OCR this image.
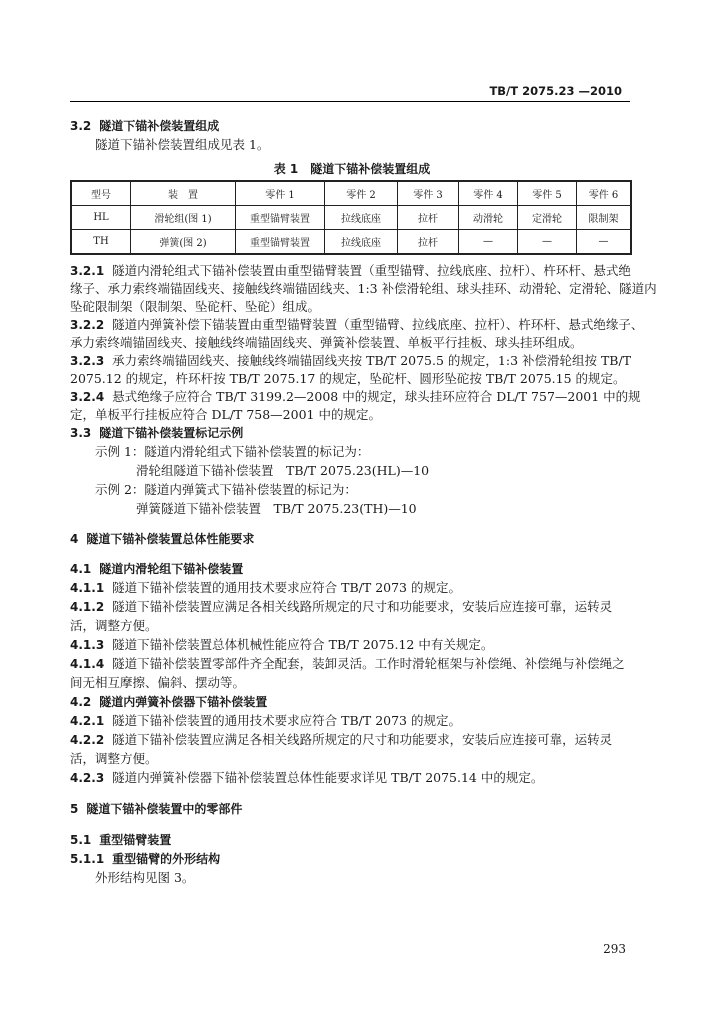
TB/T 2075.23 —2010
3.2 隧道下锚补偿装置组成
隧道下锚补偿装置组成见表 1。
表 1　隧道下锚补偿装置组成
型号	装　置	零件 1	零件 2	零件 3	零件 4	零件 5	零件 6
HL	滑轮组(图 1)	重型锚臂装置	拉线底座	拉杆	动滑轮	定滑轮	限制架
TH	弹簧(图 2)	重型锚臂装置	拉线底座	拉杆	—	—	—
3.2.1 隧道内滑轮组式下锚补偿装置由重型锚臂装置（重型锚臂、拉线底座、拉杆）、杵环杆、悬式绝
缘子、承力索终端锚固线夹、接触线终端锚固线夹、1:3 补偿滑轮组、球头挂环、动滑轮、定滑轮、隧道内
坠砣限制架（限制架、坠砣杆、坠砣）组成。
3.2.2 隧道内弹簧补偿下锚装置由重型锚臂装置（重型锚臂、拉线底座、拉杆）、杵环杆、悬式绝缘子、
承力索终端锚固线夹、接触线终端锚固线夹、弹簧补偿装置、单板平行挂板、球头挂环组成。
3.2.3 承力索终端锚固线夹、接触线终端锚固线夹按 TB/T 2075.5 的规定，1:3 补偿滑轮组按 TB/T
2075.12 的规定，杵环杆按 TB/T 2075.17 的规定，坠砣杆、圆形坠砣按 TB/T 2075.15 的规定。
3.2.4 悬式绝缘子应符合 TB/T 3199.2—2008 中的规定，球头挂环应符合 DL/T 757—2001 中的规
定，单板平行挂板应符合 DL/T 758—2001 中的规定。
3.3 隧道下锚补偿装置标记示例
示例 1：隧道内滑轮组式下锚补偿装置的标记为：
滑轮组隧道下锚补偿装置　TB/T 2075.23(HL)—10
示例 2：隧道内弹簧式下锚补偿装置的标记为：
弹簧隧道下锚补偿装置　TB/T 2075.23(TH)—10
4 隧道下锚补偿装置总体性能要求
4.1 隧道内滑轮组下锚补偿装置
4.1.1 隧道下锚补偿装置的通用技术要求应符合 TB/T 2073 的规定。
4.1.2 隧道下锚补偿装置应满足各相关线路所规定的尺寸和功能要求，安装后应连接可靠，运转灵
活，调整方便。
4.1.3 隧道下锚补偿装置总体机械性能应符合 TB/T 2075.12 中有关规定。
4.1.4 隧道下锚补偿装置零部件齐全配套，装卸灵活。工作时滑轮框架与补偿绳、补偿绳与补偿绳之
间无相互摩擦、偏斜、摆动等。
4.2 隧道内弹簧补偿器下锚补偿装置
4.2.1 隧道下锚补偿装置的通用技术要求应符合 TB/T 2073 的规定。
4.2.2 隧道下锚补偿装置应满足各相关线路所规定的尺寸和功能要求，安装后应连接可靠，运转灵
活，调整方便。
4.2.3 隧道内弹簧补偿器下锚补偿装置总体性能要求详见 TB/T 2075.14 中的规定。
5 隧道下锚补偿装置中的零部件
5.1 重型锚臂装置
5.1.1 重型锚臂的外形结构
外形结构见图 3。
293
